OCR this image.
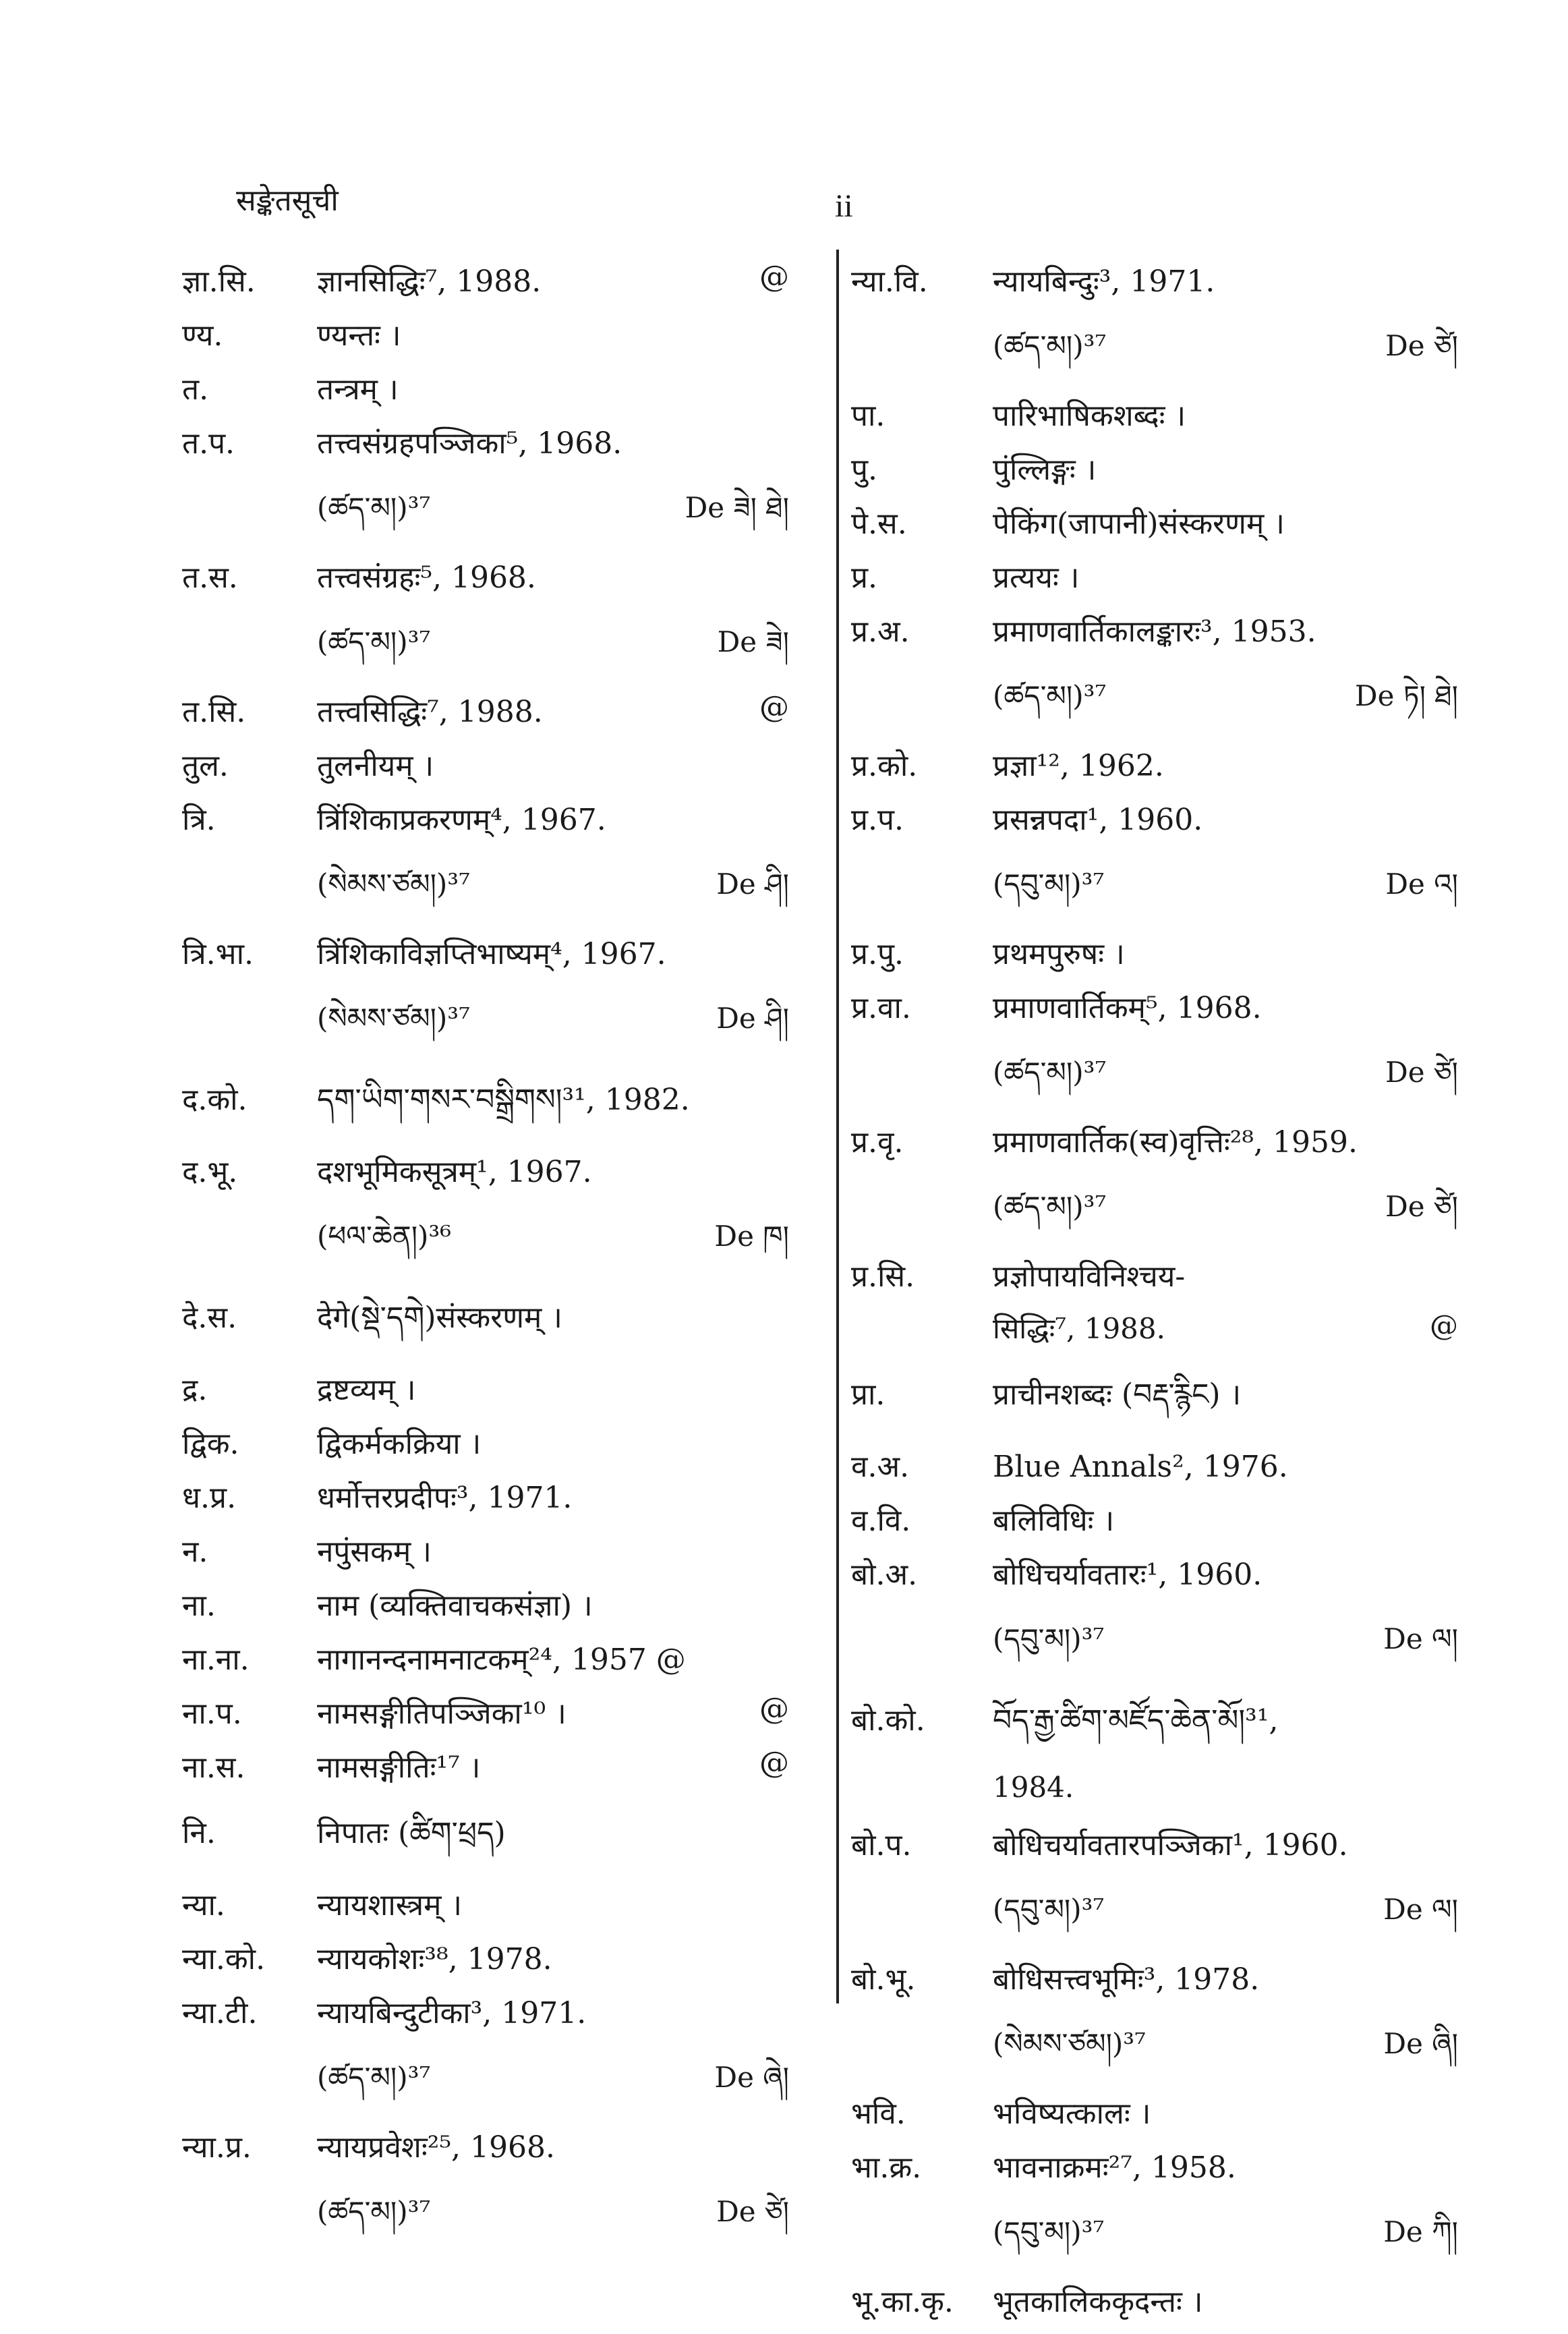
सङ्केतसूची	ii
ज्ञा.सि.	ज्ञानसिद्धिः⁷, 1988.	@
ण्य.	ण्यन्तः ।
त.	तन्त्रम् ।
त.प.	तत्त्वसंग्रहपञ्जिका⁵, 1968.
(ཚད་མ།)³⁷	De ཟེ། ཐེ།
त.स.	तत्त्वसंग्रहः⁵, 1968.
(ཚད་མ།)³⁷	De ཟེ།
त.सि.	तत्त्वसिद्धिः⁷, 1988.	@
तुल.	तुलनीयम् ।
त्रि.	त्रिंशिकाप्रकरणम्⁴, 1967.
(སེམས་ཙམ།)³⁷	De ཤི།
त्रि.भा.	त्रिंशिकाविज्ञप्तिभाष्यम्⁴, 1967.
(སེམས་ཙམ།)³⁷	De ཤི།
द.को.	དག་ཡིག་གསར་བསྒྲིགས།³¹, 1982.
द.भू.	दशभूमिकसूत्रम्¹, 1967.
(ཕལ་ཆེན།)³⁶	De ཁ།
दे.स.	देगे(སྡེ་དགེ)संस्करणम् ।
द्र.	द्रष्टव्यम् ।
द्विक.	द्विकर्मकक्रिया ।
ध.प्र.	धर्मोत्तरप्रदीपः³, 1971.
न.	नपुंसकम् ।
ना.	नाम (व्यक्तिवाचकसंज्ञा) ।
ना.ना.	नागानन्दनामनाटकम्²⁴, 1957 @
ना.प.	नामसङ्गीतिपञ्जिका¹⁰ ।	@
ना.स.	नामसङ्गीतिः¹⁷ ।	@
नि.	निपातः (ཚིག་ཕྲད)
न्या.	न्यायशास्त्रम् ।
न्या.को.	न्यायकोशः³⁸, 1978.
न्या.टी.	न्यायबिन्दुटीका³, 1971.
(ཚད་མ།)³⁷	De ཞེ།
न्या.प्र.	न्यायप्रवेशः²⁵, 1968.
(ཚད་མ།)³⁷	De ཙེ།
न्या.वि.	न्यायबिन्दुः³, 1971.
(ཚད་མ།)³⁷	De ཙེ།
पा.	पारिभाषिकशब्दः ।
पु.	पुंल्लिङ्गः ।
पे.स.	पेकिंग(जापानी)संस्करणम् ।
प्र.	प्रत्ययः ।
प्र.अ.	प्रमाणवार्तिकालङ्कारः³, 1953.
(ཚད་མ།)³⁷	De ཏེ། ཐེ།
प्र.को.	प्रज्ञा¹², 1962.
प्र.प.	प्रसन्नपदा¹, 1960.
(དབུ་མ།)³⁷	De འ།
प्र.पु.	प्रथमपुरुषः ।
प्र.वा.	प्रमाणवार्तिकम्⁵, 1968.
(ཚད་མ།)³⁷	De ཙེ།
प्र.वृ.	प्रमाणवार्तिक(स्व)वृत्तिः²⁸, 1959.
(ཚད་མ།)³⁷	De ཙེ།
प्र.सि.	प्रज्ञोपायविनिश्चय-
सिद्धिः⁷, 1988.	@
प्रा.	प्राचीनशब्दः (བརྡ་རྙིང) ।
व.अ.	Blue Annals², 1976.
व.वि.	बलिविधिः ।
बो.अ.	बोधिचर्यावतारः¹, 1960.
(དབུ་མ།)³⁷	De ལ།
बो.को.	བོད་རྒྱ་ཚིག་མཛོད་ཆེན་མོ།³¹,
1984.
बो.प.	बोधिचर्यावतारपञ्जिका¹, 1960.
(དབུ་མ།)³⁷	De ལ།
बो.भू.	बोधिसत्त्वभूमिः³, 1978.
(སེམས་ཙམ།)³⁷	De ཞི།
भवि.	भविष्यत्कालः ।
भा.क्र.	भावनाक्रमः²⁷, 1958.
(དབུ་མ།)³⁷	De ཀི།
भू.का.कृ.	भूतकालिककृदन्तः ।
